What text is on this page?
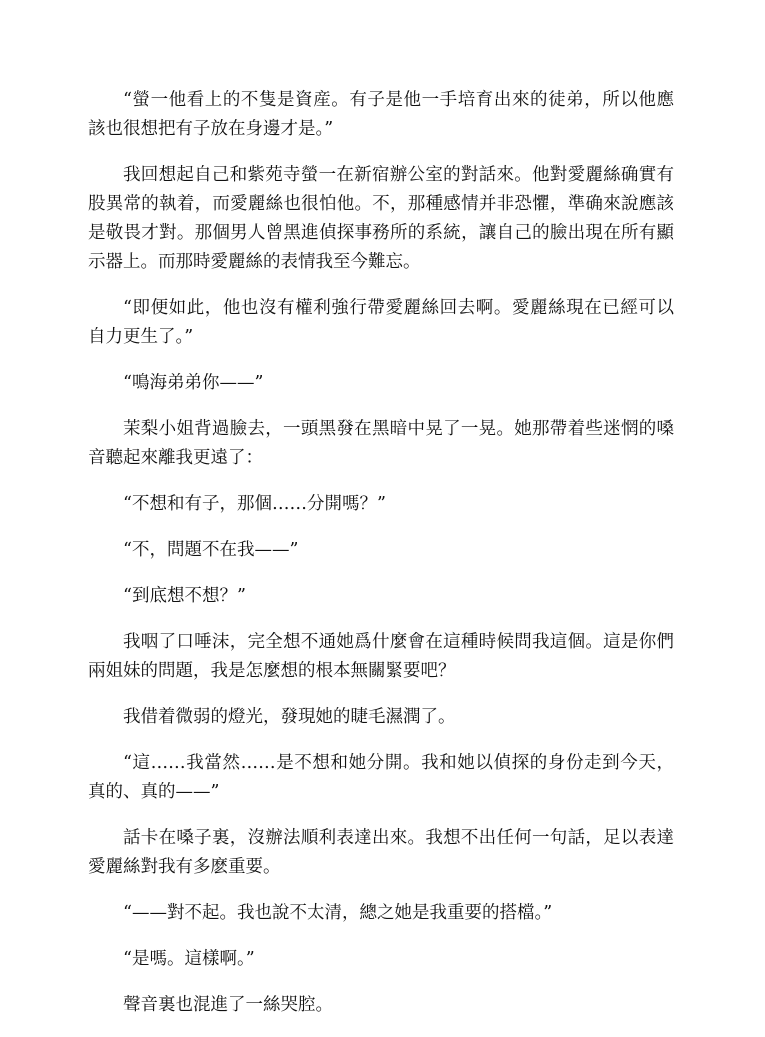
“螢一他看上的不隻是資産。有子是他一手培育出來的徒弟，所以他應該也很想把有子放在身邊才是。”

我回想起自己和紫苑寺螢一在新宿辦公室的對話來。他對愛麗絲确實有股異常的執着，而愛麗絲也很怕他。不，那種感情并非恐懼，準确來說應該是敬畏才對。那個男人曾黑進偵探事務所的系統，讓自己的臉出現在所有顯示器上。而那時愛麗絲的表情我至今難忘。

“即便如此，他也沒有權利強行帶愛麗絲回去啊。愛麗絲現在已經可以自力更生了。”

“鳴海弟弟你——”

茉梨小姐背過臉去，一頭黑發在黑暗中晃了一晃。她那帶着些迷惘的嗓音聽起來離我更遠了：

“不想和有子，那個……分開嗎？”

“不，問題不在我——”

“到底想不想？”

我咽了口唾沫，完全想不通她爲什麼會在這種時候問我這個。這是你們兩姐妹的問題，我是怎麼想的根本無關緊要吧？

我借着微弱的燈光，發現她的睫毛濕潤了。

“這……我當然……是不想和她分開。我和她以偵探的身份走到今天，真的、真的——”

話卡在嗓子裏，沒辦法順利表達出來。我想不出任何一句話，足以表達愛麗絲對我有多麽重要。

“——對不起。我也說不太清，總之她是我重要的搭檔。”

“是嗎。這樣啊。”

聲音裏也混進了一絲哭腔。
